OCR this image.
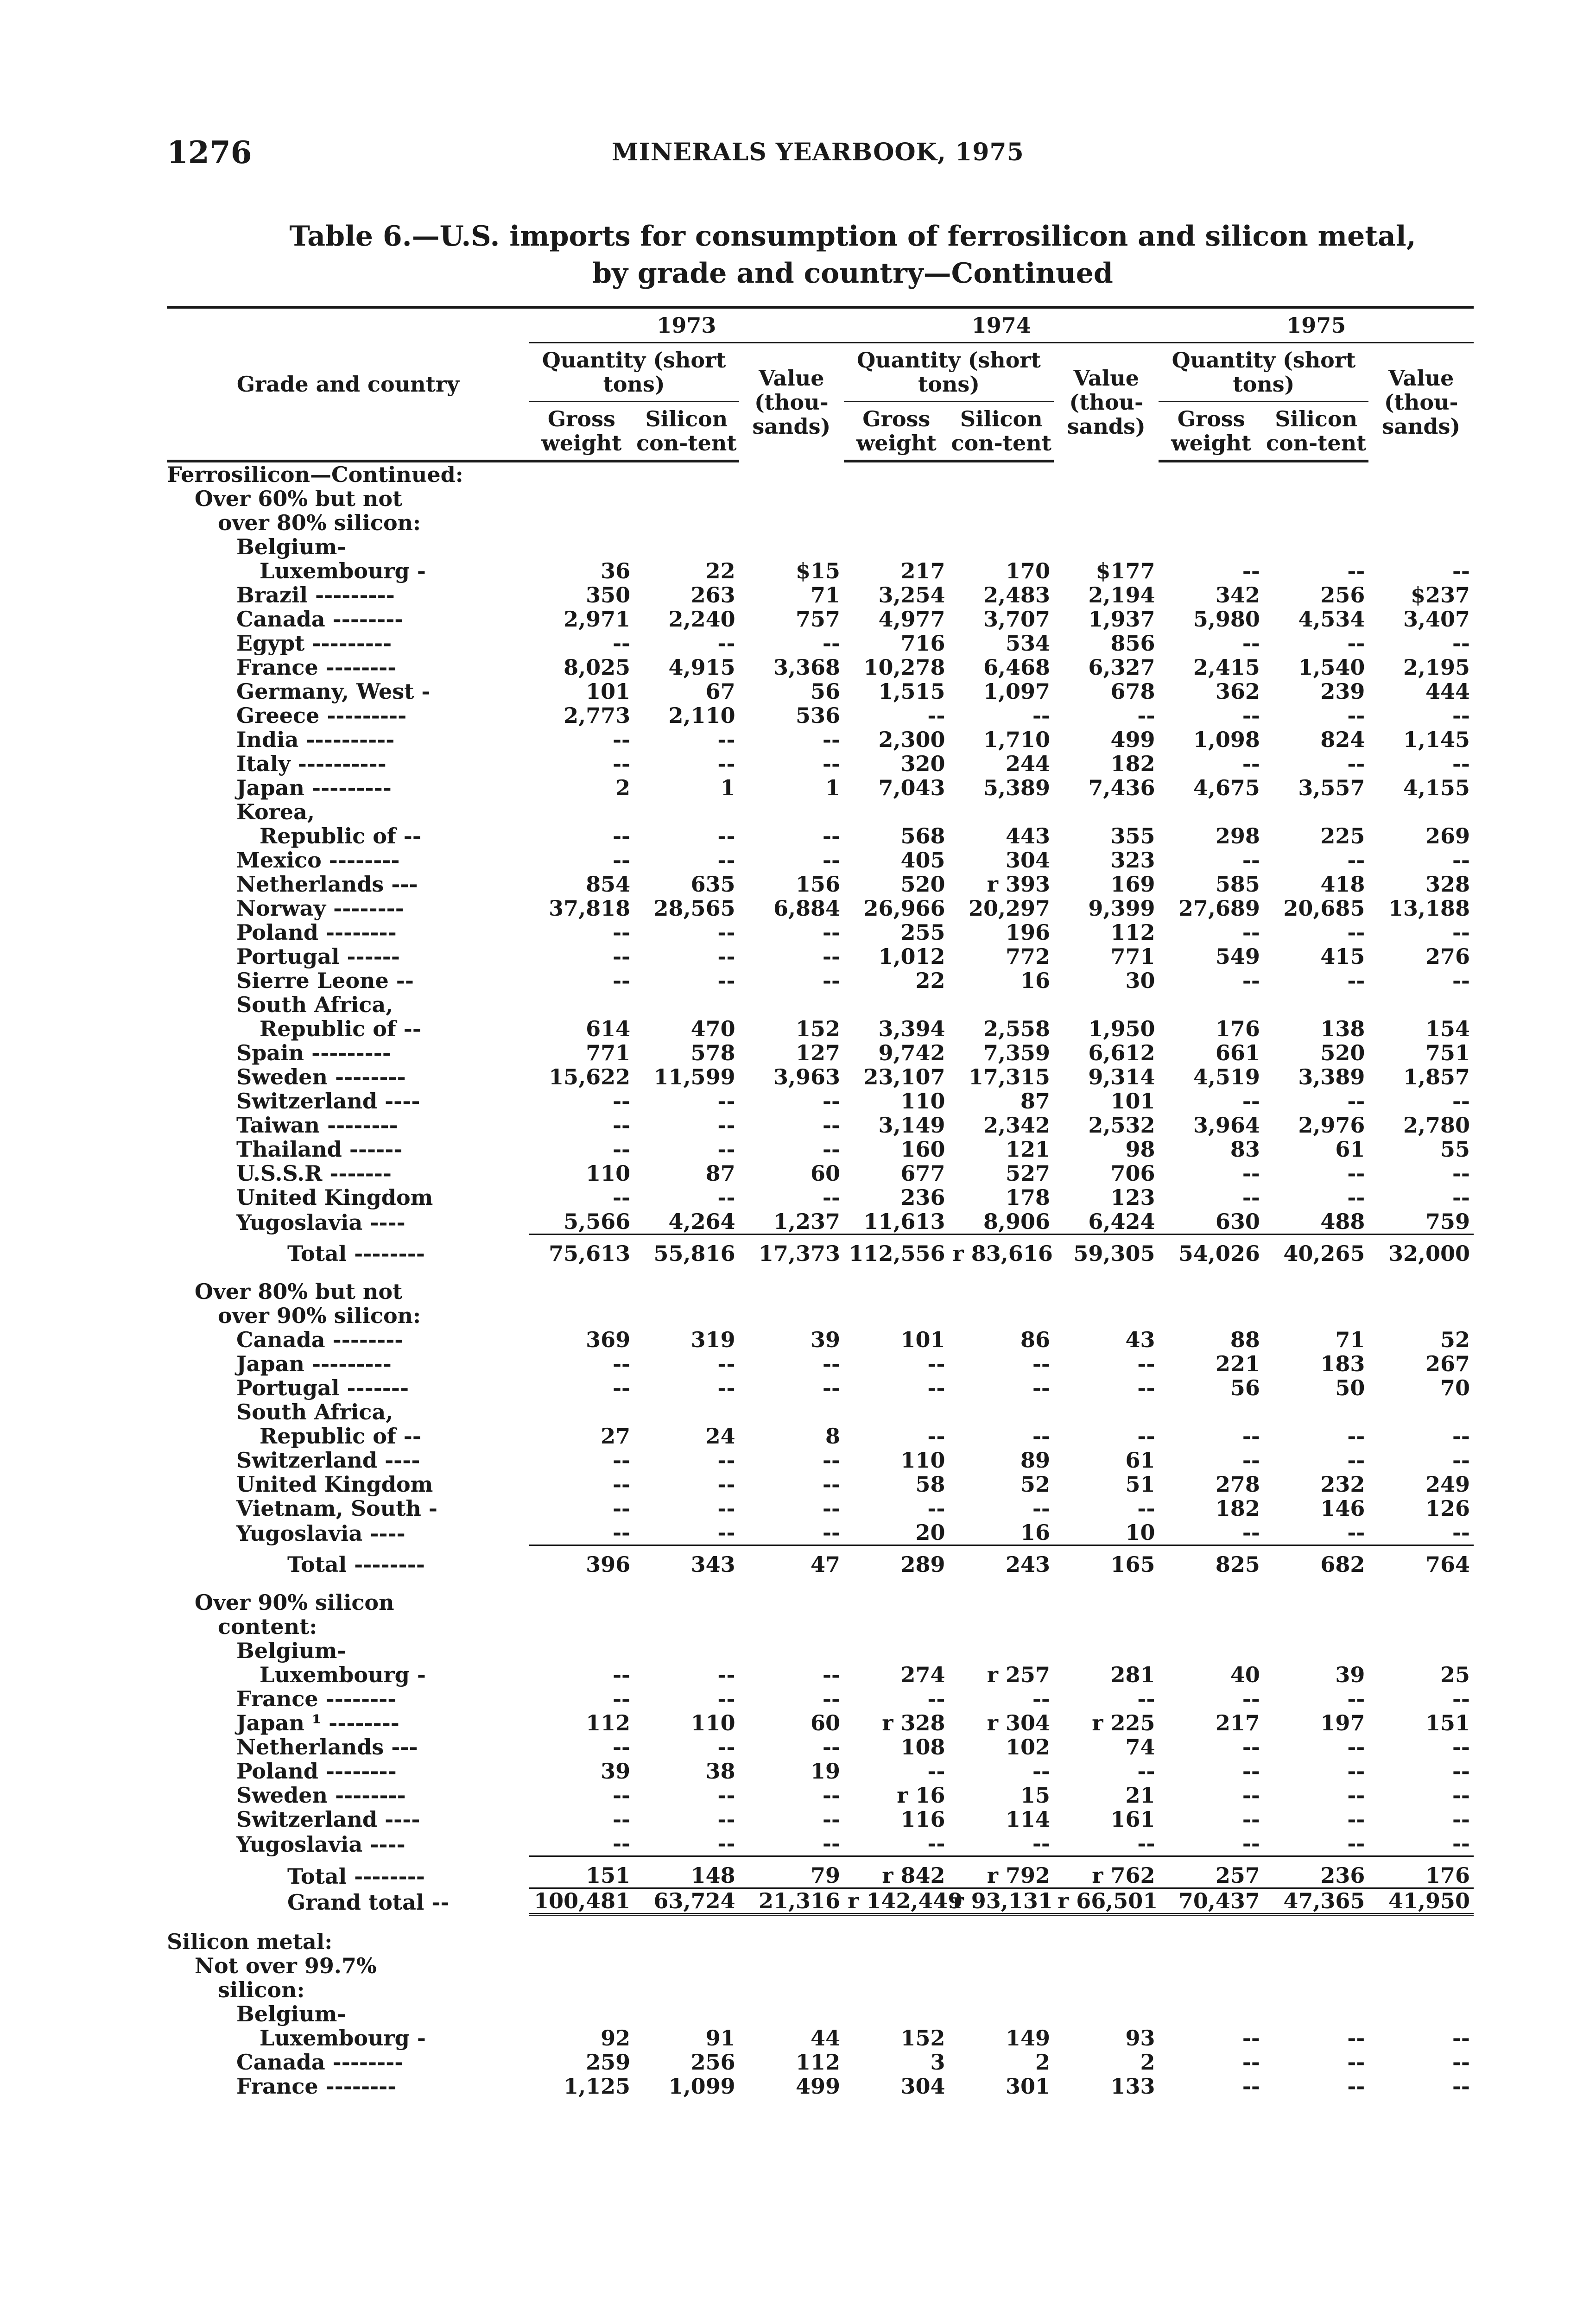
1276	MINERALS YEARBOOK, 1975
Table 6.—U.S. imports for consumption of ferrosilicon and silicon metal,
by grade and country—Continued
Grade and country	1973			1974			1975		
	Quantity (short tons)		Value (thou-sands)	Quantity (short tons)		Value (thou-sands)	Quantity (short tons)		Value (thou-sands)
	Gross weight	Silicon con-tent		Gross weight	Silicon con-tent		Gross weight	Silicon con-tent	
Ferrosilicon—Continued:									
Over 60% but not									
over 80% silicon:									
Belgium-									
Luxembourg -	36	22	$15	217	170	$177	--	--	--
Brazil ---------	350	263	71	3,254	2,483	2,194	342	256	$237
Canada --------	2,971	2,240	757	4,977	3,707	1,937	5,980	4,534	3,407
Egypt ---------	--	--	--	716	534	856	--	--	--
France --------	8,025	4,915	3,368	10,278	6,468	6,327	2,415	1,540	2,195
Germany, West -	101	67	56	1,515	1,097	678	362	239	444
Greece ---------	2,773	2,110	536	--	--	--	--	--	--
India ----------	--	--	--	2,300	1,710	499	1,098	824	1,145
Italy ----------	--	--	--	320	244	182	--	--	--
Japan ---------	2	1	1	7,043	5,389	7,436	4,675	3,557	4,155
Korea,									
Republic of --	--	--	--	568	443	355	298	225	269
Mexico --------	--	--	--	405	304	323	--	--	--
Netherlands ---	854	635	156	520	r 393	169	585	418	328
Norway --------	37,818	28,565	6,884	26,966	20,297	9,399	27,689	20,685	13,188
Poland --------	--	--	--	255	196	112	--	--	--
Portugal ------	--	--	--	1,012	772	771	549	415	276
Sierre Leone --	--	--	--	22	16	30	--	--	--
South Africa,									
Republic of --	614	470	152	3,394	2,558	1,950	176	138	154
Spain ---------	771	578	127	9,742	7,359	6,612	661	520	751
Sweden --------	15,622	11,599	3,963	23,107	17,315	9,314	4,519	3,389	1,857
Switzerland ----	--	--	--	110	87	101	--	--	--
Taiwan --------	--	--	--	3,149	2,342	2,532	3,964	2,976	2,780
Thailand ------	--	--	--	160	121	98	83	61	55
U.S.S.R -------	110	87	60	677	527	706	--	--	--
United Kingdom	--	--	--	236	178	123	--	--	--
Yugoslavia ----	5,566	4,264	1,237	11,613	8,906	6,424	630	488	759
Total --------	75,613	55,816	17,373	112,556	r 83,616	59,305	54,026	40,265	32,000

Over 80% but not									
over 90% silicon:									
Canada --------	369	319	39	101	86	43	88	71	52
Japan ---------	--	--	--	--	--	--	221	183	267
Portugal -------	--	--	--	--	--	--	56	50	70
South Africa,									
Republic of --	27	24	8	--	--	--	--	--	--
Switzerland ----	--	--	--	110	89	61	--	--	--
United Kingdom	--	--	--	58	52	51	278	232	249
Vietnam, South -	--	--	--	--	--	--	182	146	126
Yugoslavia ----	--	--	--	20	16	10	--	--	--
Total --------	396	343	47	289	243	165	825	682	764

Over 90% silicon									
content:									
Belgium-									
Luxembourg -	--	--	--	274	r 257	281	40	39	25
France --------	--	--	--	--	--	--	--	--	--
Japan ¹ --------	112	110	60	r 328	r 304	r 225	217	197	151
Netherlands ---	--	--	--	108	102	74	--	--	--
Poland --------	39	38	19	--	--	--	--	--	--
Sweden --------	--	--	--	r 16	15	21	--	--	--
Switzerland ----	--	--	--	116	114	161	--	--	--
Yugoslavia ----	--	--	--	--	--	--	--	--	--
Total --------	151	148	79	r 842	r 792	r 762	257	236	176
Grand total --	100,481	63,724	21,316	r 142,449	r 93,131	r 66,501	70,437	47,365	41,950

Silicon metal:									
Not over 99.7%									
silicon:									
Belgium-									
Luxembourg -	92	91	44	152	149	93	--	--	--
Canada --------	259	256	112	3	2	2	--	--	--
France --------	1,125	1,099	499	304	301	133	--	--	--
